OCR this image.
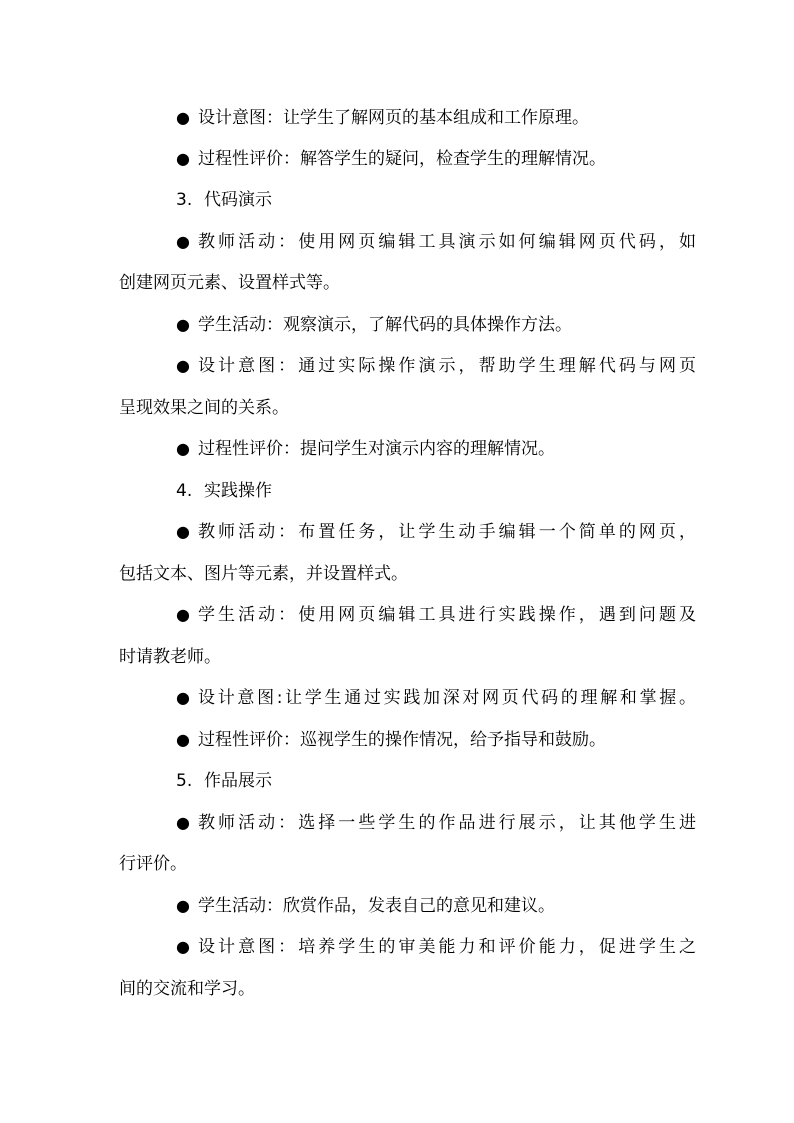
● 设计意图：让学生了解网页的基本组成和工作原理。
● 过程性评价：解答学生的疑问，检查学生的理解情况。
3. 代码演示
● 教师活动：使用网页编辑工具演示如何编辑网页代码，如
创建网页元素、设置样式等。
● 学生活动：观察演示，了解代码的具体操作方法。
● 设计意图：通过实际操作演示，帮助学生理解代码与网页
呈现效果之间的关系。
● 过程性评价：提问学生对演示内容的理解情况。
4. 实践操作
● 教师活动：布置任务，让学生动手编辑一个简单的网页，
包括文本、图片等元素，并设置样式。
● 学生活动：使用网页编辑工具进行实践操作，遇到问题及
时请教老师。
● 设计意图:让学生通过实践加深对网页代码的理解和掌握。
● 过程性评价：巡视学生的操作情况，给予指导和鼓励。
5. 作品展示
● 教师活动：选择一些学生的作品进行展示，让其他学生进
行评价。
● 学生活动：欣赏作品，发表自己的意见和建议。
● 设计意图：培养学生的审美能力和评价能力，促进学生之
间的交流和学习。
